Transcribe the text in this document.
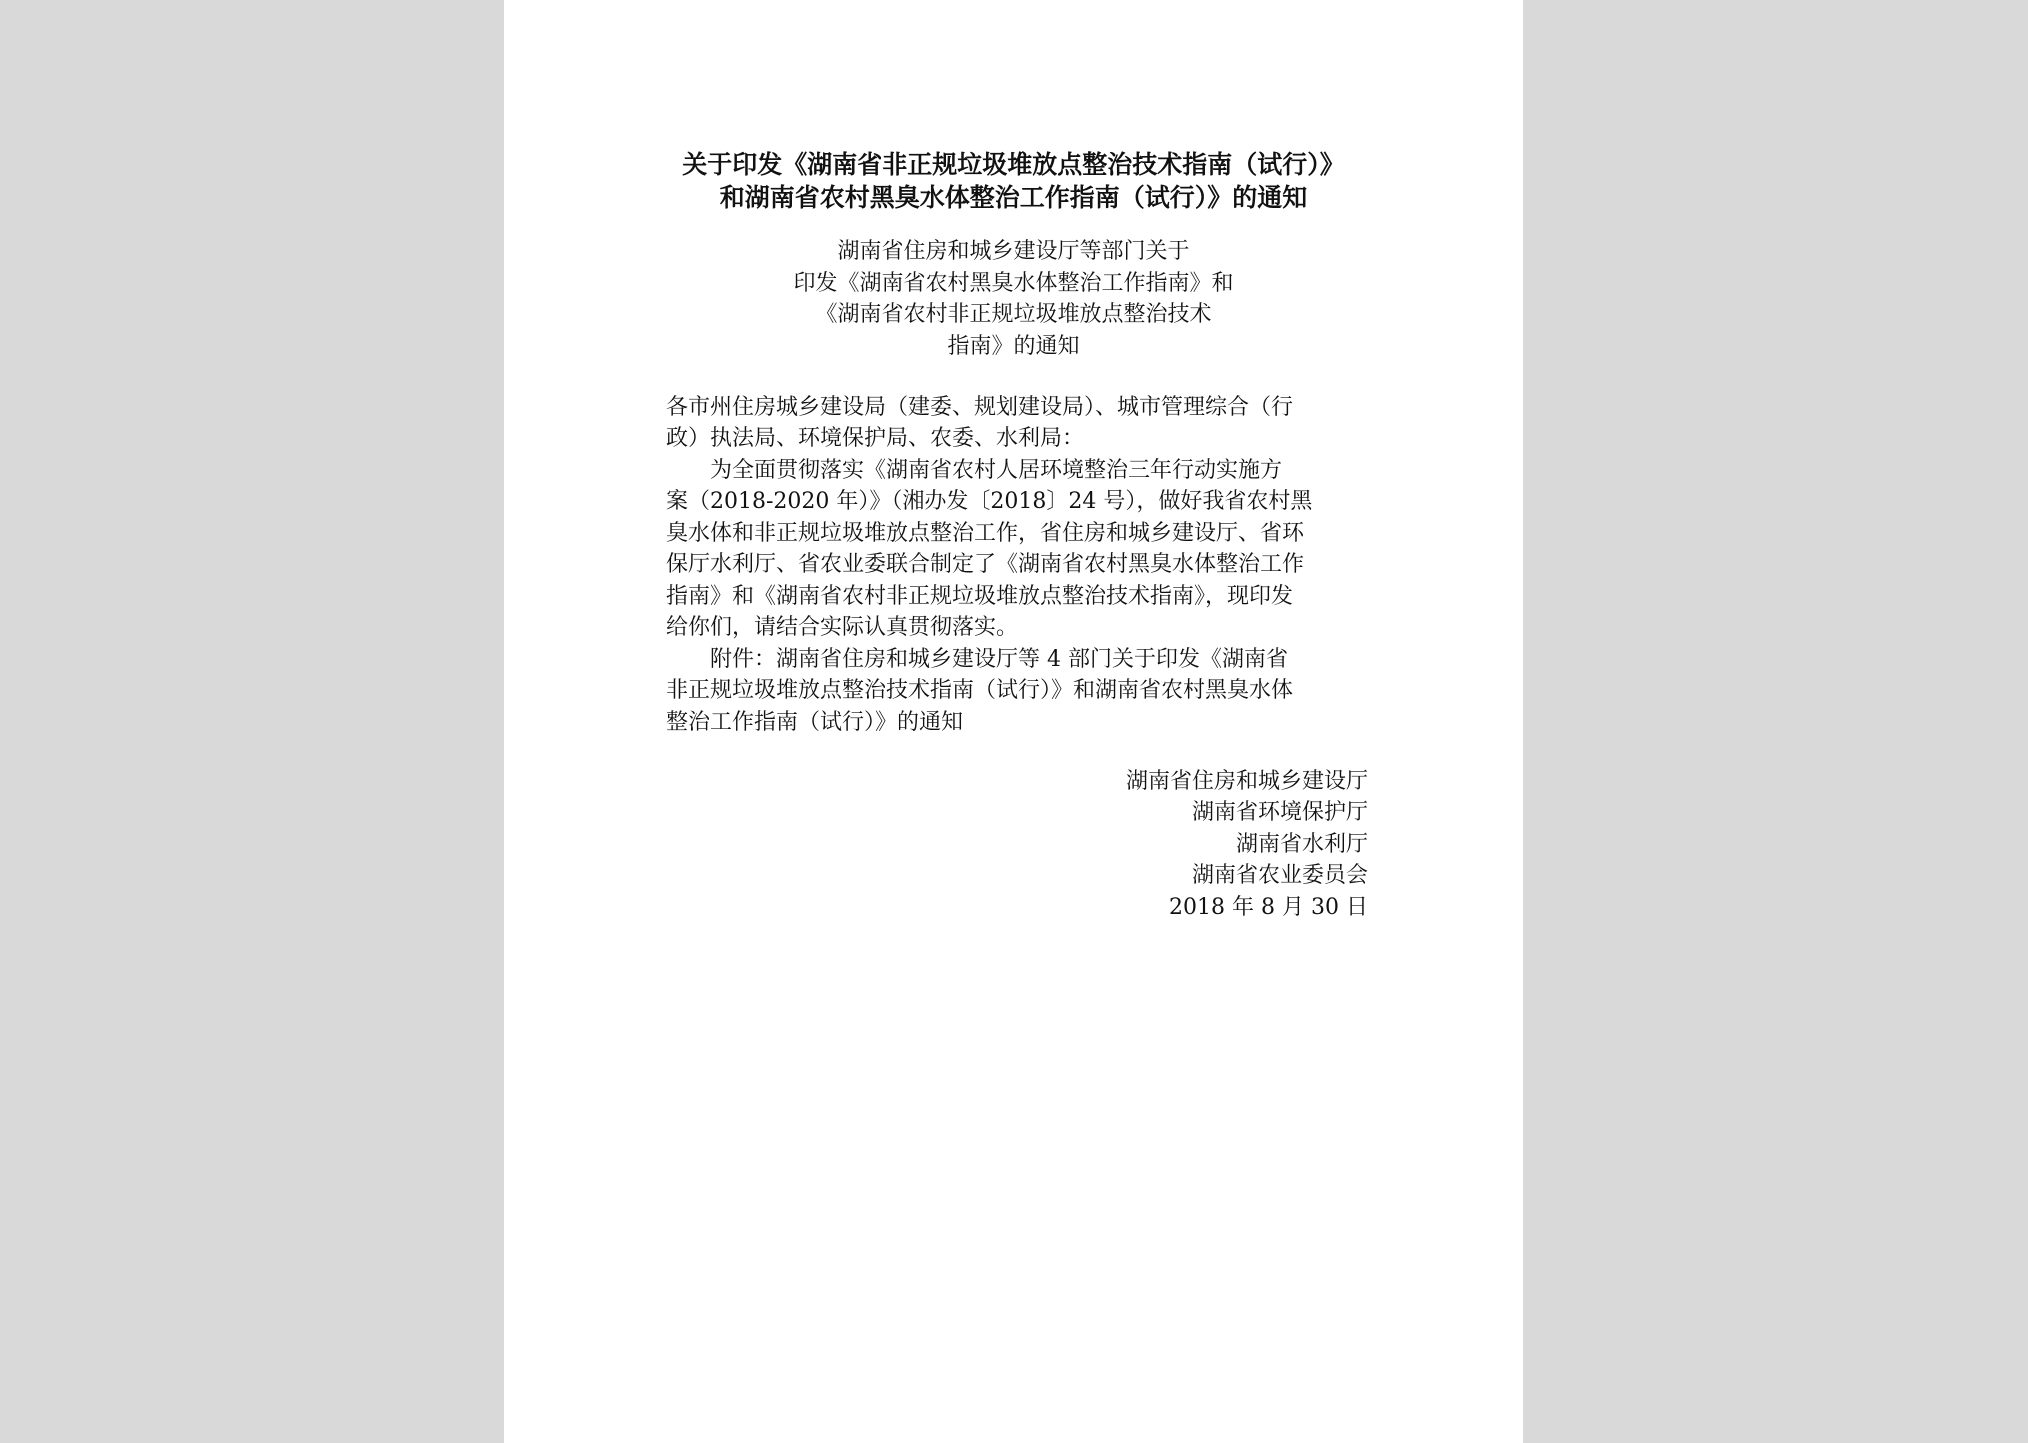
关于印发《湖南省非正规垃圾堆放点整治技术指南（试行）》
和湖南省农村黑臭水体整治工作指南（试行）》的通知
湖南省住房和城乡建设厅等部门关于
印发《湖南省农村黑臭水体整治工作指南》和
《湖南省农村非正规垃圾堆放点整治技术
指南》的通知
各市州住房城乡建设局（建委、规划建设局）、城市管理综合（行
政）执法局、环境保护局、农委、水利局：
为全面贯彻落实《湖南省农村人居环境整治三年行动实施方
案（2018-2020 年）》（湘办发〔2018〕24 号），做好我省农村黑
臭水体和非正规垃圾堆放点整治工作，省住房和城乡建设厅、省环
保厅水利厅、省农业委联合制定了《湖南省农村黑臭水体整治工作
指南》和《湖南省农村非正规垃圾堆放点整治技术指南》，现印发
给你们，请结合实际认真贯彻落实。
附件：湖南省住房和城乡建设厅等 4 部门关于印发《湖南省
非正规垃圾堆放点整治技术指南（试行）》和湖南省农村黑臭水体
整治工作指南（试行）》的通知
湖南省住房和城乡建设厅
湖南省环境保护厅
湖南省水利厅
湖南省农业委员会
2018 年 8 月 30 日
